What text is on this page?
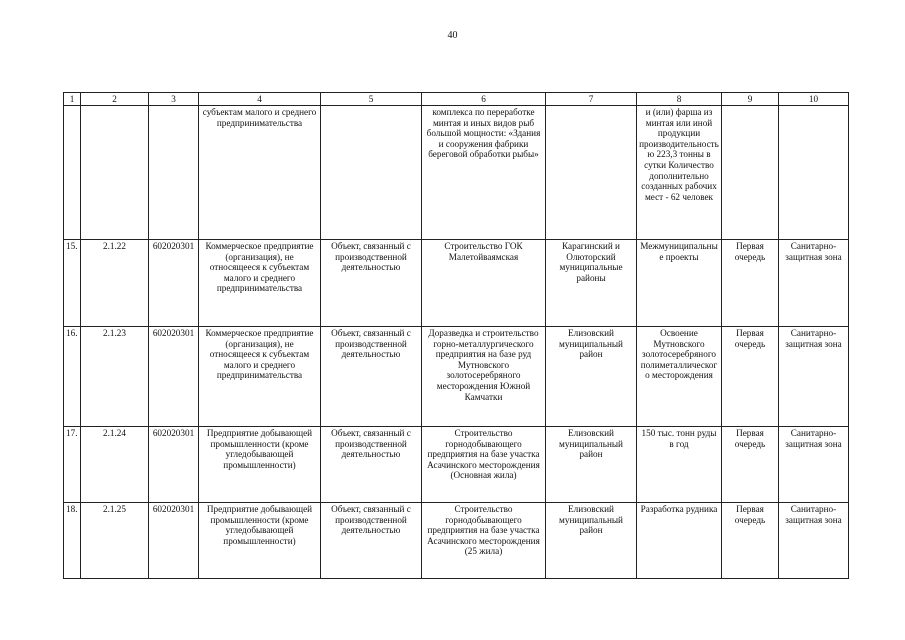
40
1	2	3	4	5	6	7	8	9	10
			субъектам малого и среднего предпринимательства		комплекса по переработке минтая и иных видов рыб большой мощности: «Здания и сооружения фабрики береговой обработки рыбы»		и (или) фарша из минтая или иной продукции производительностью 223,3 тонны в сутки Количество дополнительно созданных рабочих мест - 62 человек		
15.	2.1.22	602020301	Коммерческое предприятие (организация), не относящееся к субъектам малого и среднего предпринимательства	Объект, связанный с производственной деятельностью	Строительство ГОК Малетойваямская	Карагинский и Олюторский муниципальные районы	Межмуниципальные проекты	Первая очередь	Санитарно-защитная зона
16.	2.1.23	602020301	Коммерческое предприятие (организация), не относящееся к субъектам малого и среднего предпринимательства	Объект, связанный с производственной деятельностью	Доразведка и строительство горно-металлургического предприятия на базе руд Мутновского золотосеребряного месторождения Южной Камчатки	Елизовский муниципальный район	Освоение Мутновского золотосеребряного полиметаллического месторождения	Первая очередь	Санитарно-защитная зона
17.	2.1.24	602020301	Предприятие добывающей промышленности (кроме угледобывающей промышленности)	Объект, связанный с производственной деятельностью	Строительство горнодобывающего предприятия на базе участка Асачинского месторождения (Основная жила)	Елизовский муниципальный район	150 тыс. тонн руды в год	Первая очередь	Санитарно-защитная зона
18.	2.1.25	602020301	Предприятие добывающей промышленности (кроме угледобывающей промышленности)	Объект, связанный с производственной деятельностью	Строительство горнодобывающего предприятия на базе участка Асачинского месторождения (25 жила)	Елизовский муниципальный район	Разработка рудника	Первая очередь	Санитарно-защитная зона
